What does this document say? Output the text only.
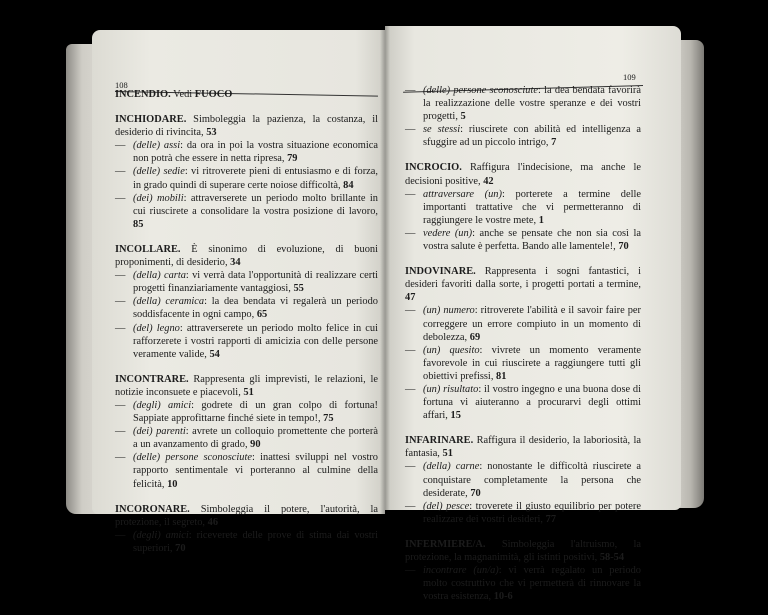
108

INCENDIO. Vedi FUOCO

INCHIODARE. Simboleggia la pazienza, la costanza, il desiderio di rivincita, 53

— (delle) assi: da ora in poi la vostra situazione economica non potrà che essere in netta ripresa, 79
— (delle) sedie: vi ritroverete pieni di entusiasmo e di forza, in grado quindi di superare certe noiose difficoltà, 84
— (dei) mobili: attraverserete un periodo molto brillante in cui riuscirete a consolidare la vostra posizione di lavoro, 85

INCOLLARE. È sinonimo di evoluzione, di buoni proponimenti, di desiderio, 34

— (della) carta: vi verrà data l'opportunità di realizzare certi progetti finanziariamente vantaggiosi, 55
— (della) ceramica: la dea bendata vi regalerà un periodo soddisfacente in ogni campo, 65
— (del) legno: attraverserete un periodo molto felice in cui rafforzerete i vostri rapporti di amicizia con delle persone veramente valide, 54

INCONTRARE. Rappresenta gli imprevisti, le relazioni, le notizie inconsuete e piacevoli, 51

— (degli) amici: godrete di un gran colpo di fortuna! Sappiate approfittarne finché siete in tempo!, 75
— (dei) parenti: avrete un colloquio promettente che porterà a un avanzamento di grado, 90
— (delle) persone sconosciute: inattesi sviluppi nel vostro rapporto sentimentale vi porteranno al culmine della felicità, 10

INCORONARE. Simboleggia il potere, l'autorità, la protezione, il segreto, 46

— (degli) amici: riceverete delle prove di stima dai vostri superiori, 70
109
— (delle) persone sconosciute: la dea bendata favorirà la realizzazione delle vostre speranze e dei vostri progetti, 5
— se stessi: riuscirete con abilità ed intelligenza a sfuggire ad un piccolo intrigo, 7

INCROCIO. Raffigura l'indecisione, ma anche le decisioni positive, 42

— attraversare (un): porterete a termine delle importanti trattative che vi permetteranno di raggiungere le vostre mete, 1
— vedere (un): anche se pensate che non sia così la vostra salute è perfetta. Bando alle lamentele!, 70

INDOVINARE. Rappresenta i sogni fantastici, i desideri favoriti dalla sorte, i progetti portati a termine, 47

— (un) numero: ritroverete l'abilità e il savoir faire per correggere un errore compiuto in un momento di debolezza, 69
— (un) quesito: vivrete un momento veramente favorevole in cui riuscirete a raggiungere tutti gli obiettivi prefissi, 81
— (un) risultato: il vostro ingegno e una buona dose di fortuna vi aiuteranno a procurarvi degli ottimi affari, 15

INFARINARE. Raffigura il desiderio, la laboriosità, la fantasia, 51

— (della) carne: nonostante le difficoltà riuscirete a conquistare completamente la persona che desiderate, 70
— (del) pesce: troverete il giusto equilibrio per potere realizzare dei vostri desideri, 77

INFERMIERE/A. Simboleggia l'altruismo, la protezione, la magnanimità, gli istinti positivi, 58-54

— incontrare (un/a): vi verrà regalato un periodo molto costruttivo che vi permetterà di rinnovare la vostra esistenza, 10-6
